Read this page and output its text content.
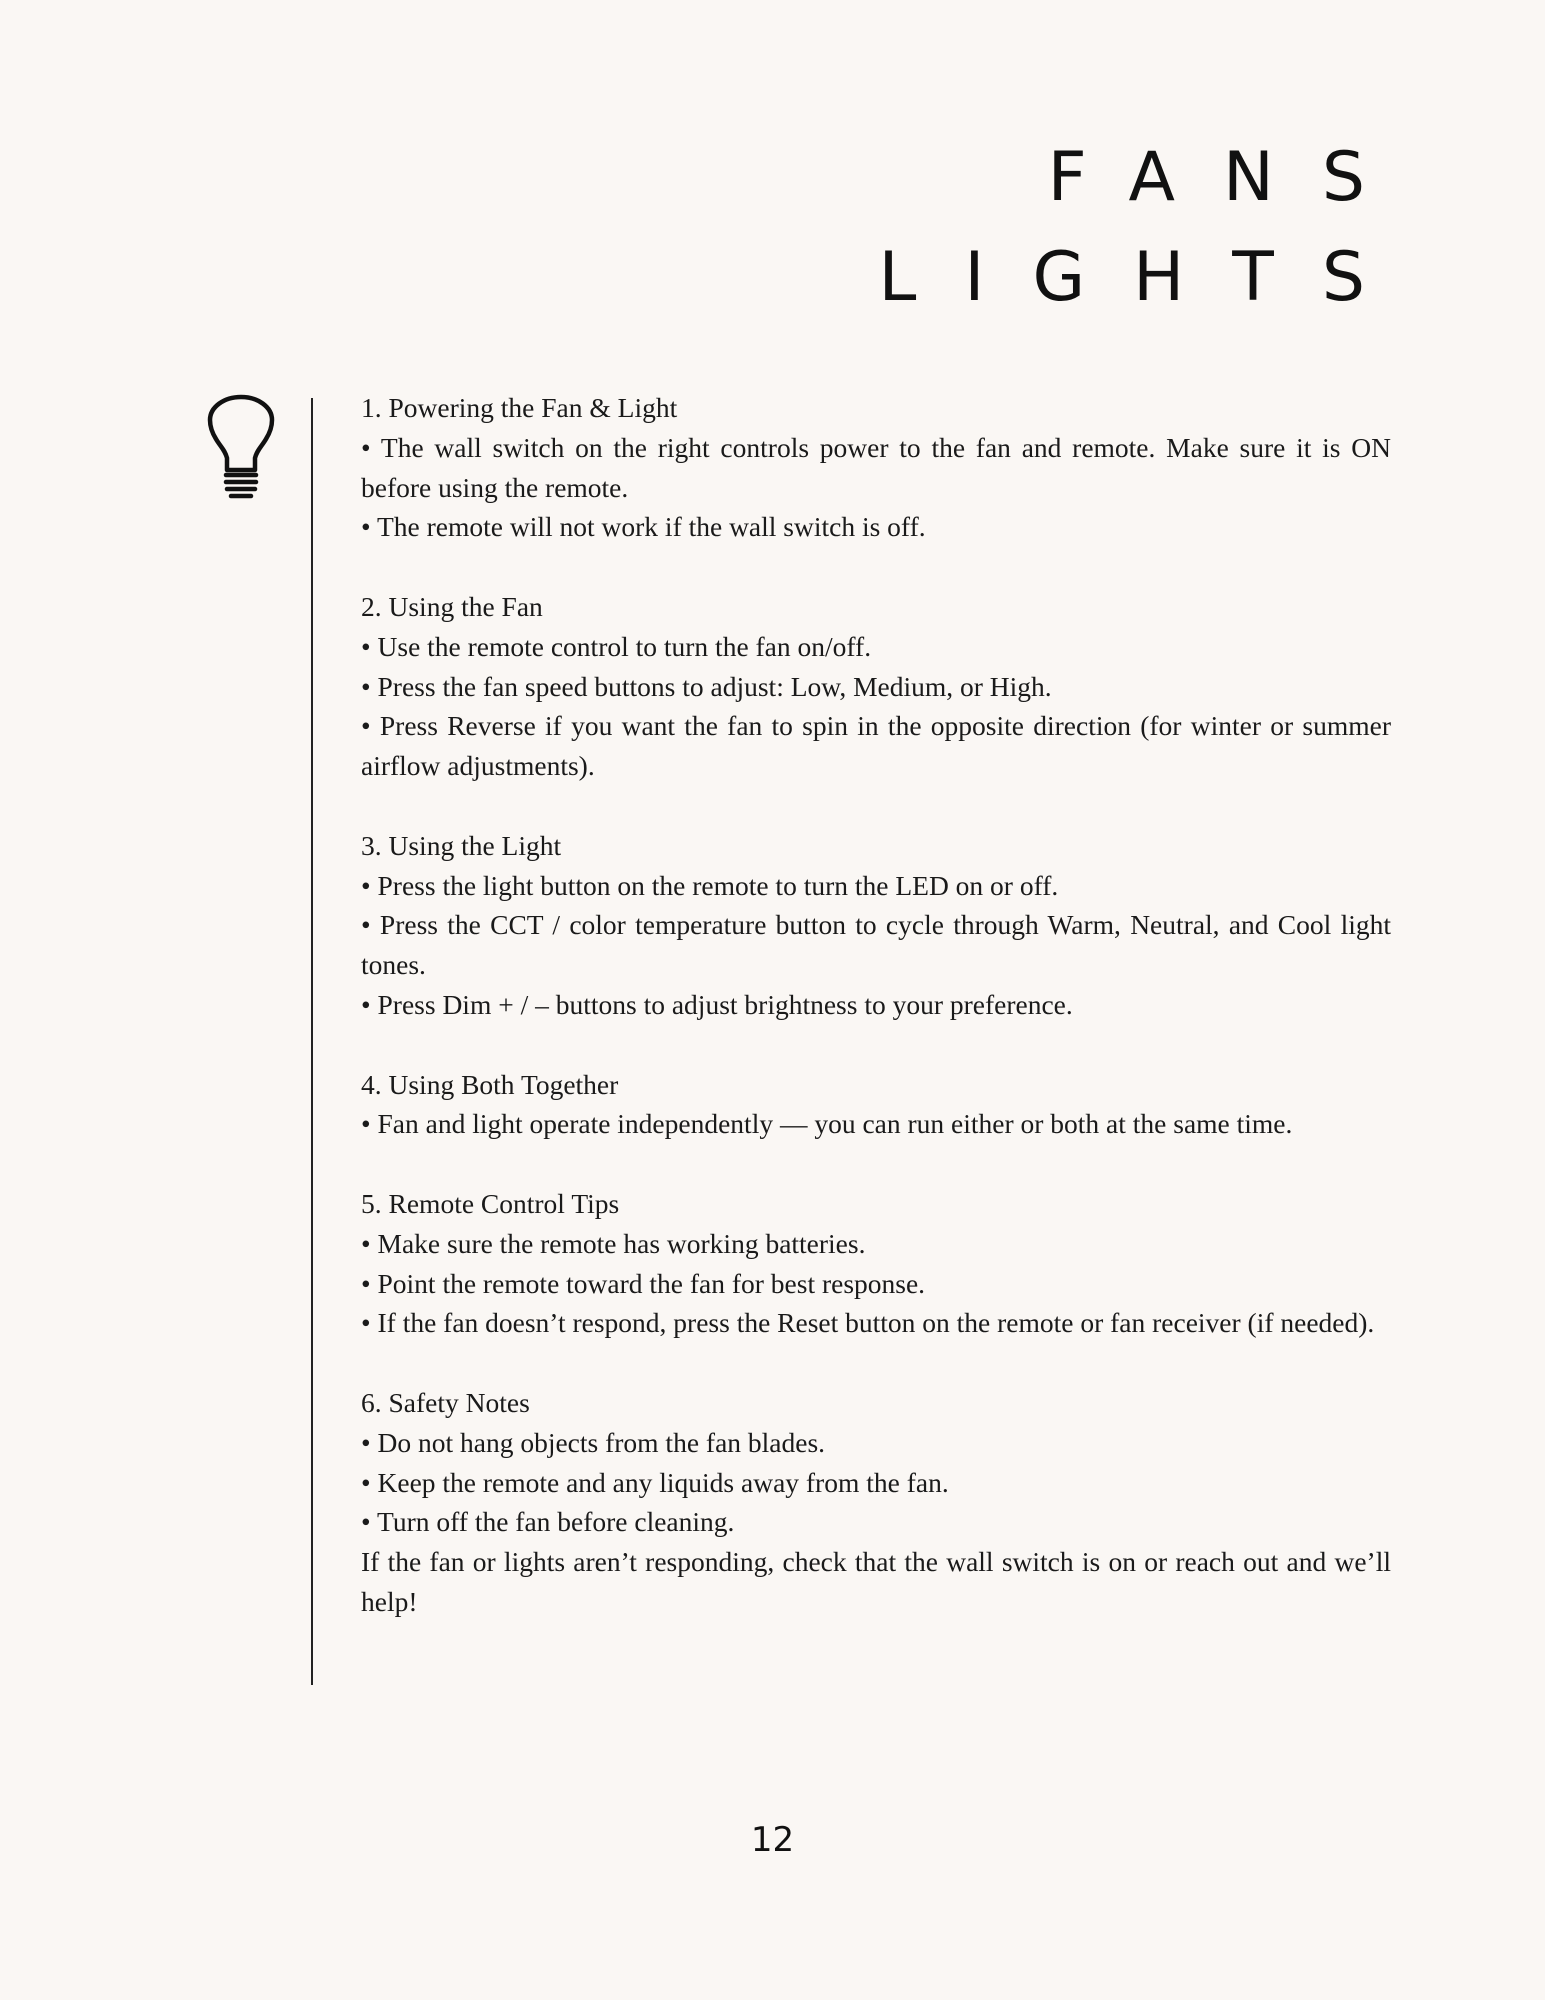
FANS
LIGHTS

1. Powering the Fan & Light

• The wall switch on the right controls power to the fan and remote. Make sure it is ON before using the remote.

• The remote will not work if the wall switch is off.

2. Using the Fan

• Use the remote control to turn the fan on/off.

• Press the fan speed buttons to adjust: Low, Medium, or High.

• Press Reverse if you want the fan to spin in the opposite direction (for winter or summer airflow adjustments).

3. Using the Light

• Press the light button on the remote to turn the LED on or off.

• Press the CCT / color temperature button to cycle through Warm, Neutral, and Cool light tones.

• Press Dim + / – buttons to adjust brightness to your preference.

4. Using Both Together

• Fan and light operate independently — you can run either or both at the same time.

5. Remote Control Tips

• Make sure the remote has working batteries.

• Point the remote toward the fan for best response.

• If the fan doesn’t respond, press the Reset button on the remote or fan receiver (if needed).

6. Safety Notes

• Do not hang objects from the fan blades.

• Keep the remote and any liquids away from the fan.

• Turn off the fan before cleaning.

If the fan or lights aren’t responding, check that the wall switch is on or reach out and we’ll help!

12
